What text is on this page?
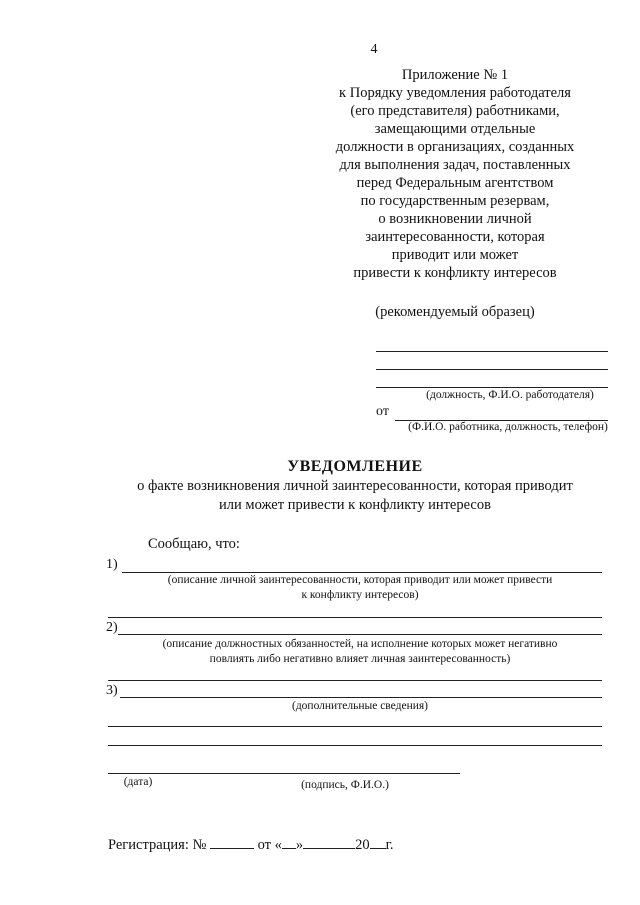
4
Приложение № 1
к Порядку уведомления работодателя
(его представителя) работниками,
замещающими отдельные
должности в организациях, созданных
для выполнения задач, поставленных
перед Федеральным агентством
по государственным резервам,
о возникновении личной
заинтересованности, которая
приводит или может
привести к конфликту интересов
(рекомендуемый образец)
(должность, Ф.И.О. работодателя)
от
(Ф.И.О. работника, должность, телефон)
УВЕДОМЛЕНИЕ
о факте возникновения личной заинтересованности, которая приводит
или может привести к конфликту интересов
Сообщаю, что:
1)
(описание личной заинтересованности, которая приводит или может привести
к конфликту интересов)
2)
(описание должностных обязанностей, на исполнение которых может негативно
повлиять либо негативно влияет личная заинтересованность)
3)
(дополнительные сведения)
(дата)	(подпись, Ф.И.О.)
Регистрация: №	от « »	20 г.
